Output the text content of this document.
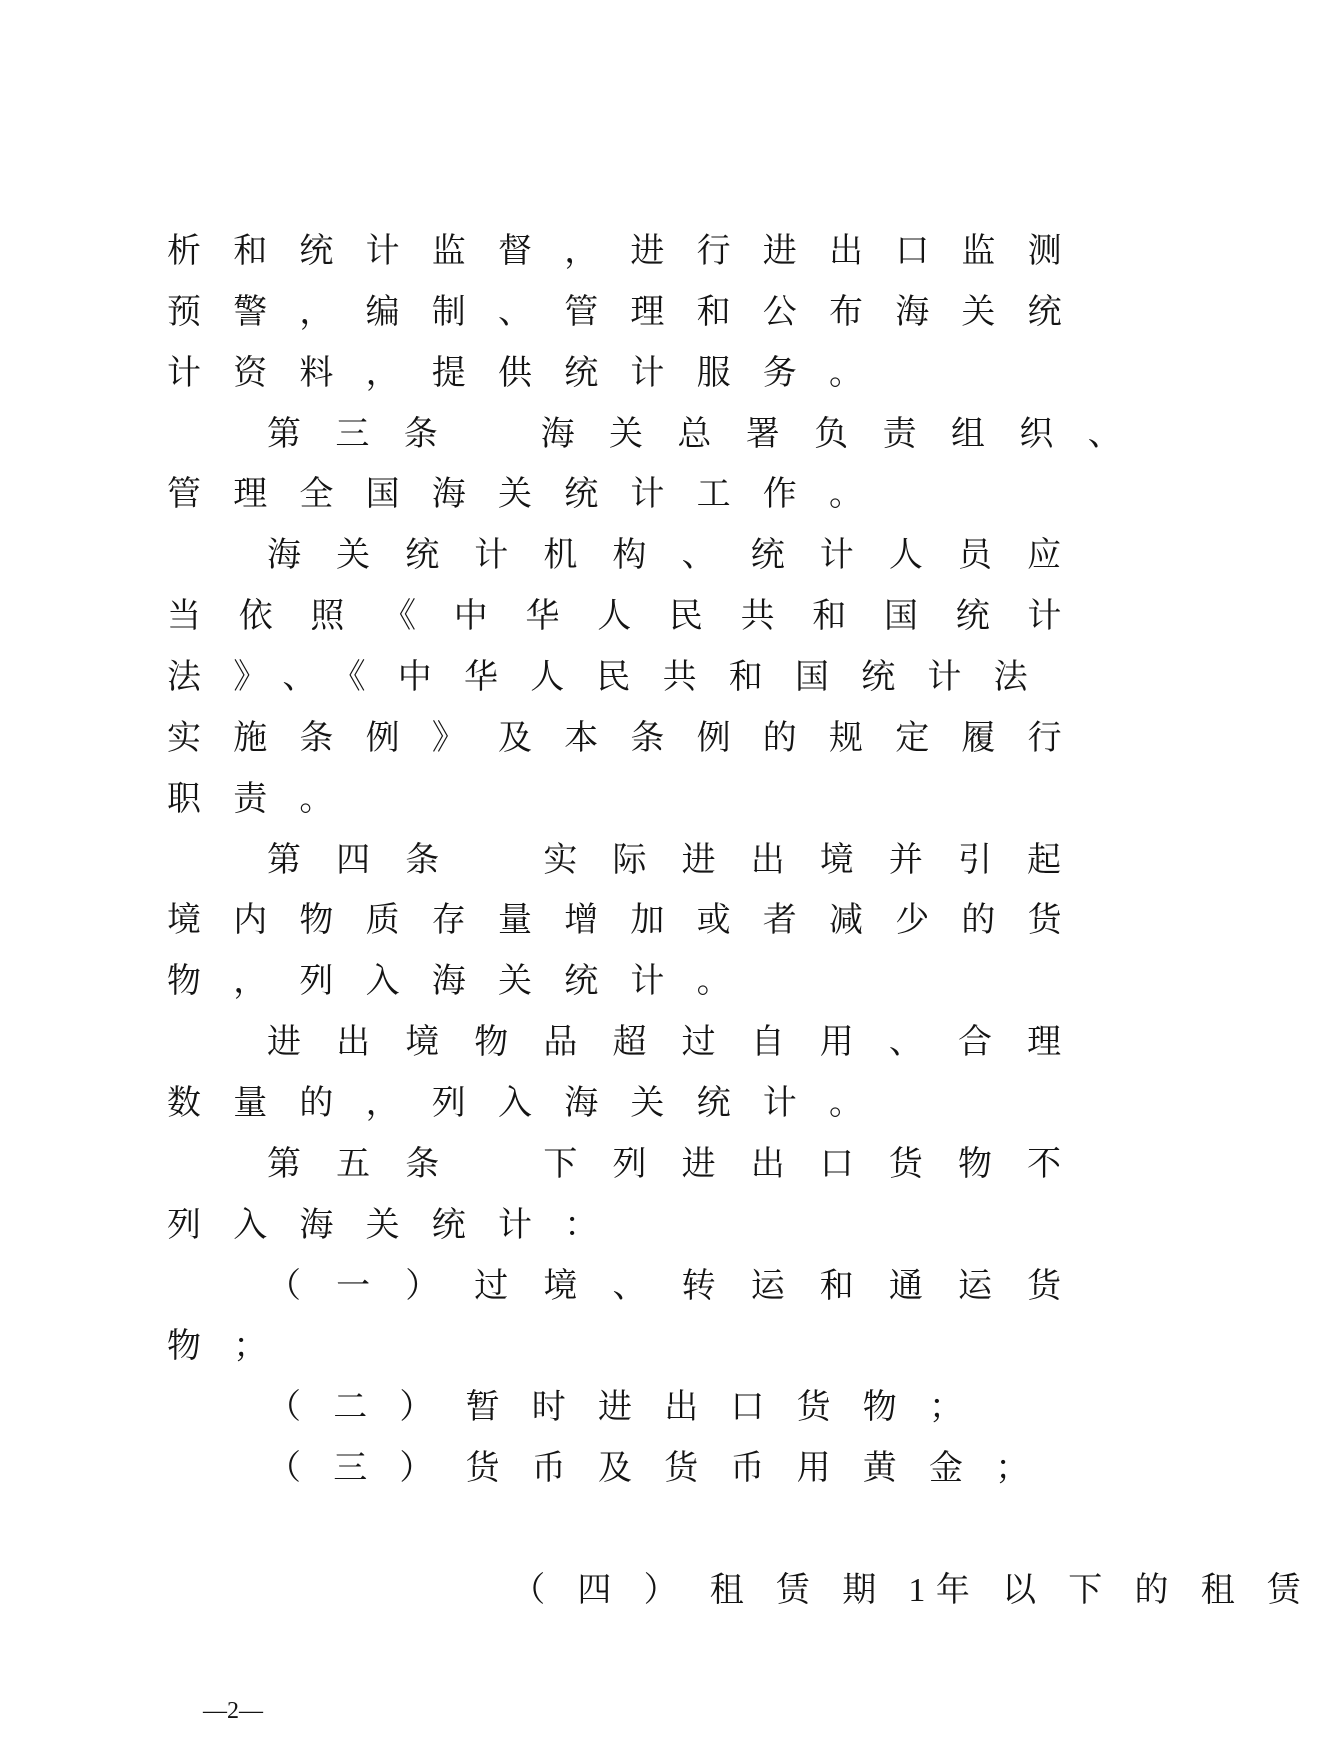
析和统计监督，进行进出口监测
预警，编制、管理和公布海关统
计资料，提供统计服务。
第三条　海关总署负责组织、
管理全国海关统计工作。
海关统计机构、统计人员应
当依照《中华人民共和国统计
法》、《中华人民共和国统计法
实施条例》及本条例的规定履行
职责。
第四条　实际进出境并引起
境内物质存量增加或者减少的货
物，列入海关统计。
进出境物品超过自用、合理
数量的，列入海关统计。
第五条　下列进出口货物不
列入海关统计：
（一）过境、转运和通运货
物；
（二）暂时进出口货物；
（三）货币及货币用黄金；

（四）租赁期1年以下的租赁

—2—
